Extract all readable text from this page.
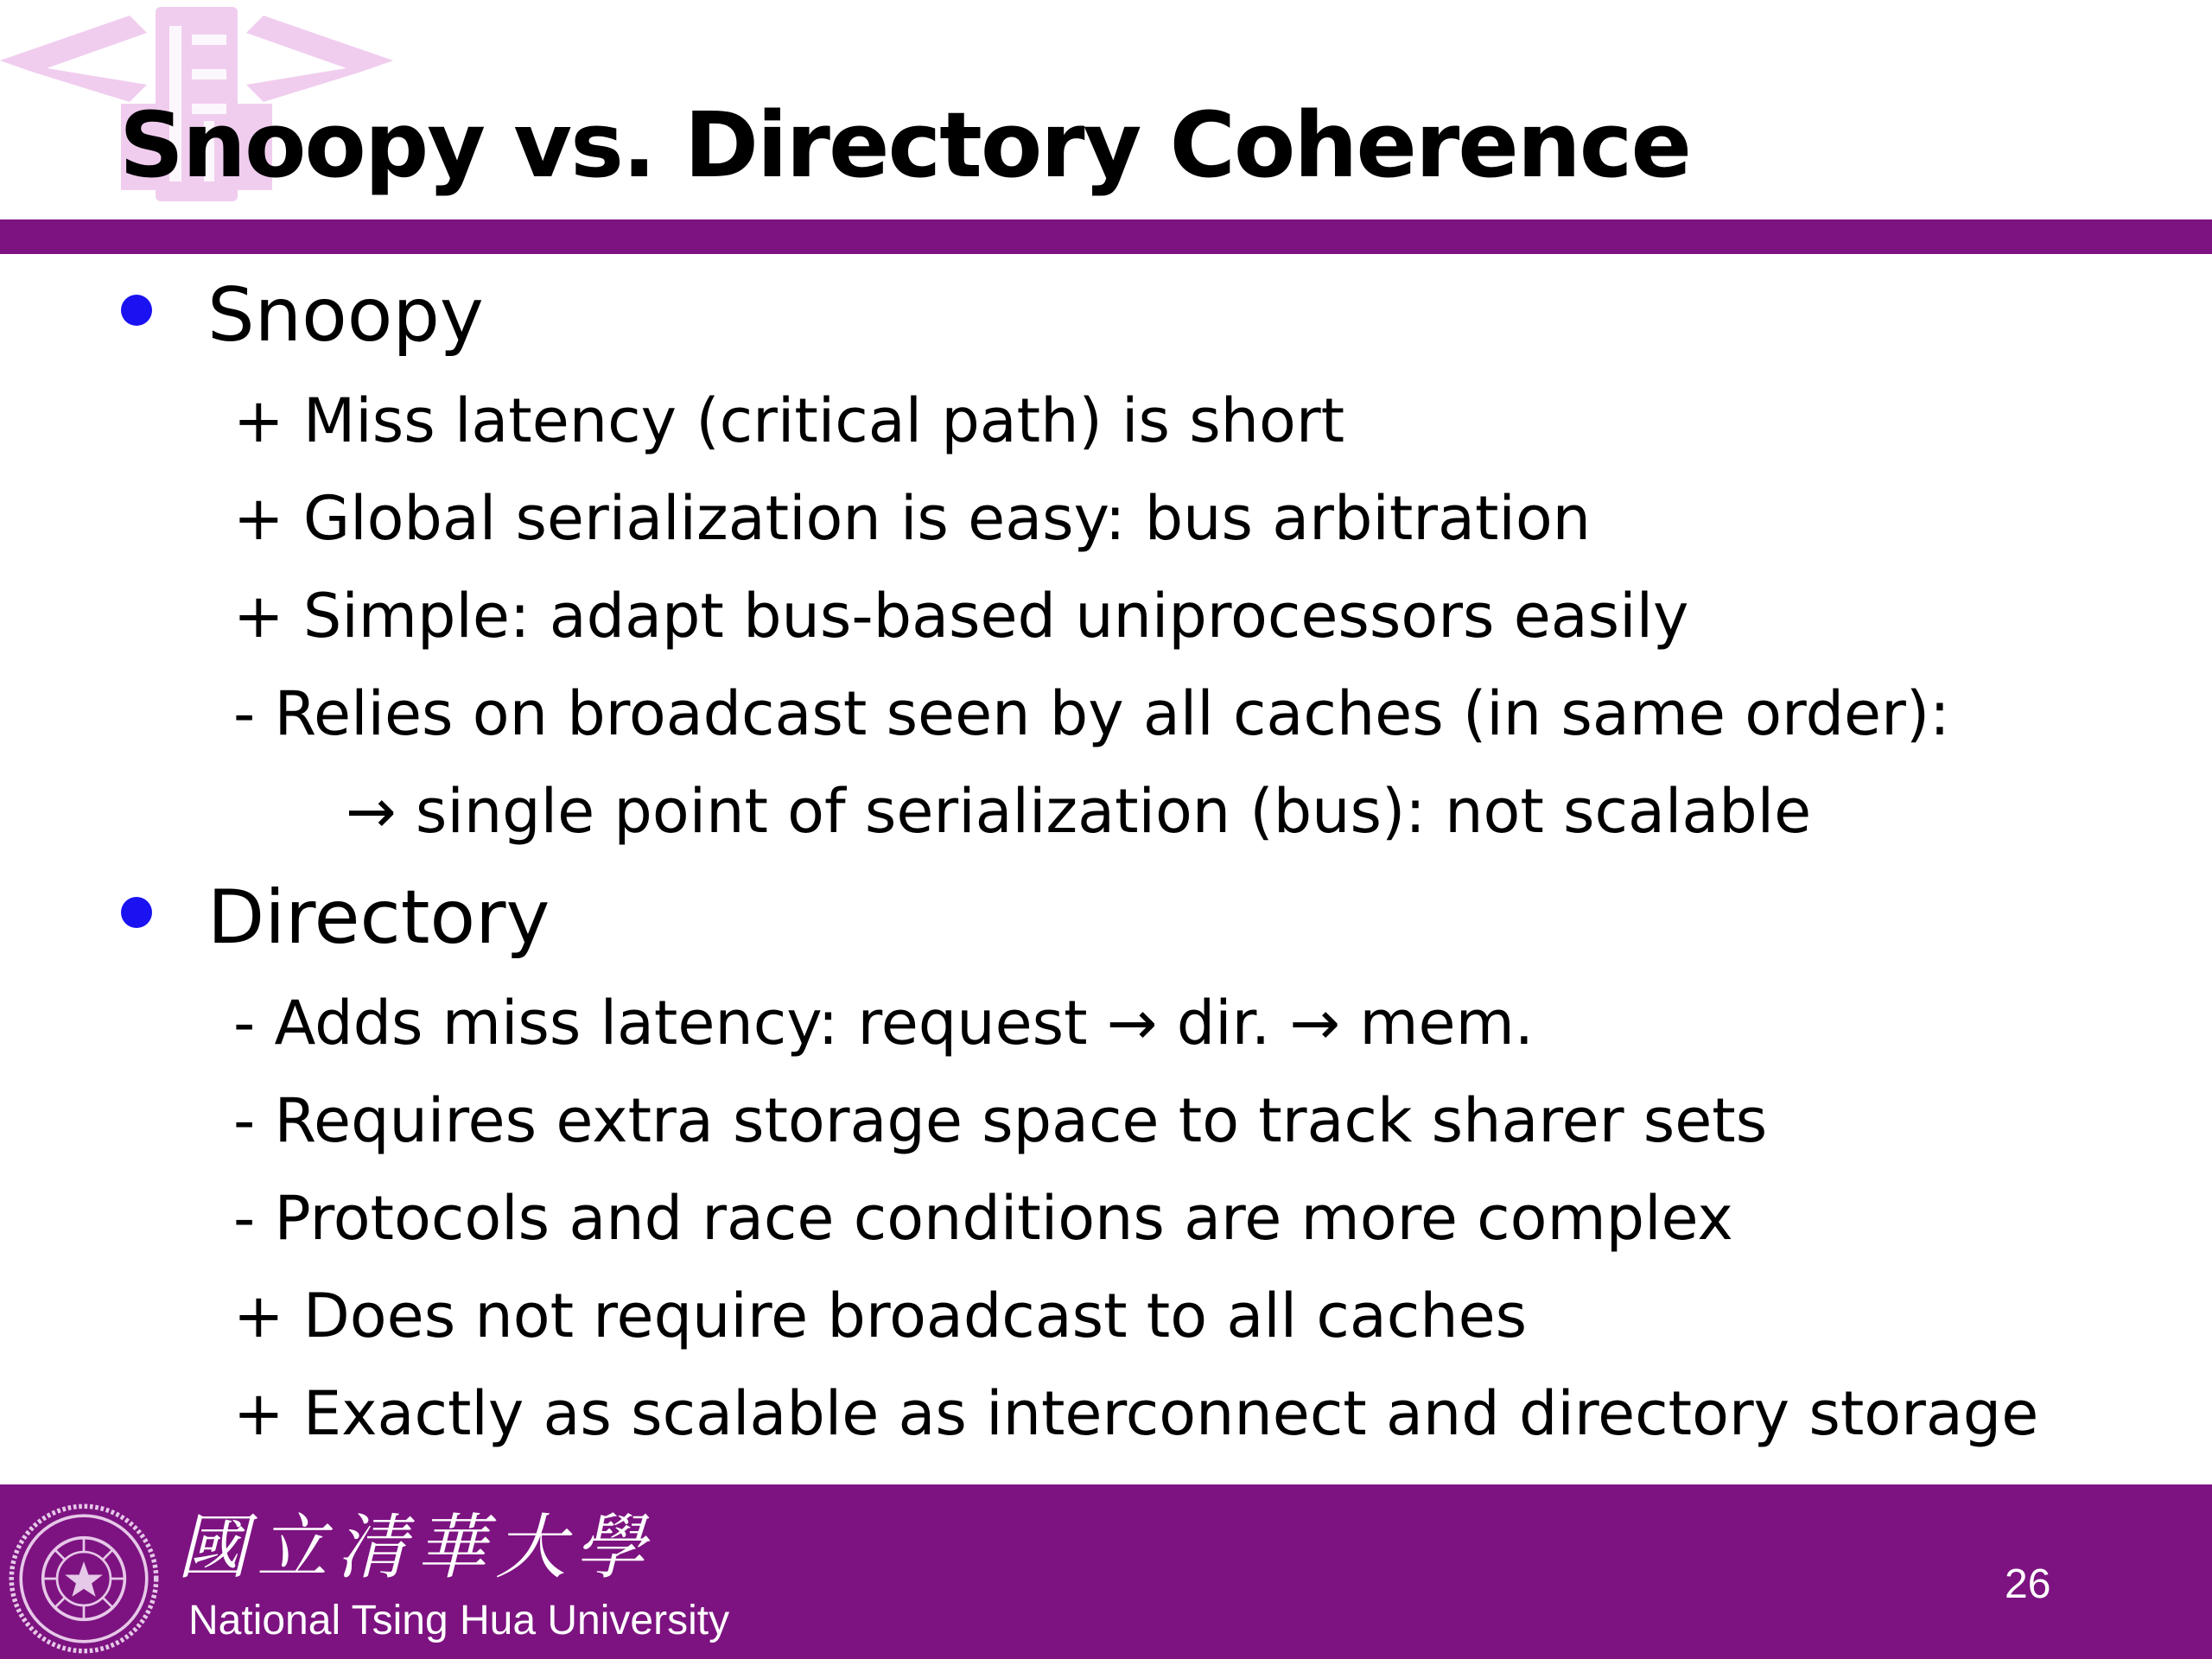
Snoopy vs. Directory Coherence
Snoopy
+ Miss latency (critical path) is short
+ Global serialization is easy: bus arbitration
+ Simple: adapt bus-based uniprocessors easily
- Relies on broadcast seen by all caches (in same order):
→ single point of serialization (bus): not scalable
Directory
- Adds miss latency: request → dir. → mem.
- Requires extra storage space to track sharer sets
- Protocols and race conditions are more complex
+ Does not require broadcast to all caches
+ Exactly as scalable as interconnect and directory storage
國立清華大學
National Tsing Hua University
26
